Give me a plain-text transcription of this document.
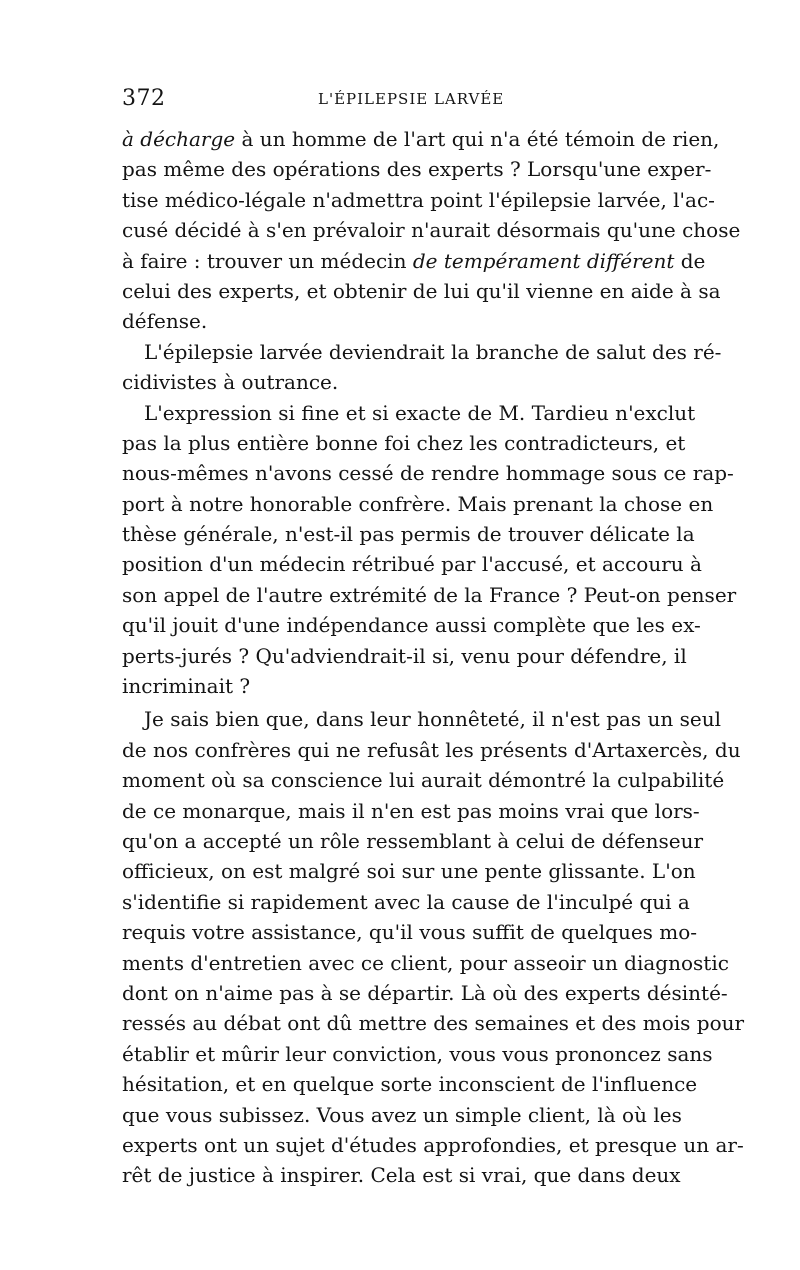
372	L'ÉPILEPSIE LARVÉE
à décharge à un homme de l'art qui n'a été témoin de rien,
pas même des opérations des experts ? Lorsqu'une exper-
tise médico-légale n'admettra point l'épilepsie larvée, l'ac-
cusé décidé à s'en prévaloir n'aurait désormais qu'une chose
à faire : trouver un médecin de tempérament différent de
celui des experts, et obtenir de lui qu'il vienne en aide à sa
défense.
L'épilepsie larvée deviendrait la branche de salut des ré-
cidivistes à outrance.
L'expression si fine et si exacte de M. Tardieu n'exclut
pas la plus entière bonne foi chez les contradicteurs, et
nous-mêmes n'avons cessé de rendre hommage sous ce rap-
port à notre honorable confrère. Mais prenant la chose en
thèse générale, n'est-il pas permis de trouver délicate la
position d'un médecin rétribué par l'accusé, et accouru à
son appel de l'autre extrémité de la France ? Peut-on penser
qu'il jouit d'une indépendance aussi complète que les ex-
perts-jurés ? Qu'adviendrait-il si, venu pour défendre, il
incriminait ?
Je sais bien que, dans leur honnêteté, il n'est pas un seul
de nos confrères qui ne refusât les présents d'Artaxercès, du
moment où sa conscience lui aurait démontré la culpabilité
de ce monarque, mais il n'en est pas moins vrai que lors-
qu'on a accepté un rôle ressemblant à celui de défenseur
officieux, on est malgré soi sur une pente glissante. L'on
s'identifie si rapidement avec la cause de l'inculpé qui a
requis votre assistance, qu'il vous suffit de quelques mo-
ments d'entretien avec ce client, pour asseoir un diagnostic
dont on n'aime pas à se départir. Là où des experts désinté-
ressés au débat ont dû mettre des semaines et des mois pour
établir et mûrir leur conviction, vous vous prononcez sans
hésitation, et en quelque sorte inconscient de l'influence
que vous subissez. Vous avez un simple client, là où les
experts ont un sujet d'études approfondies, et presque un ar-
rêt de justice à inspirer. Cela est si vrai, que dans deux
